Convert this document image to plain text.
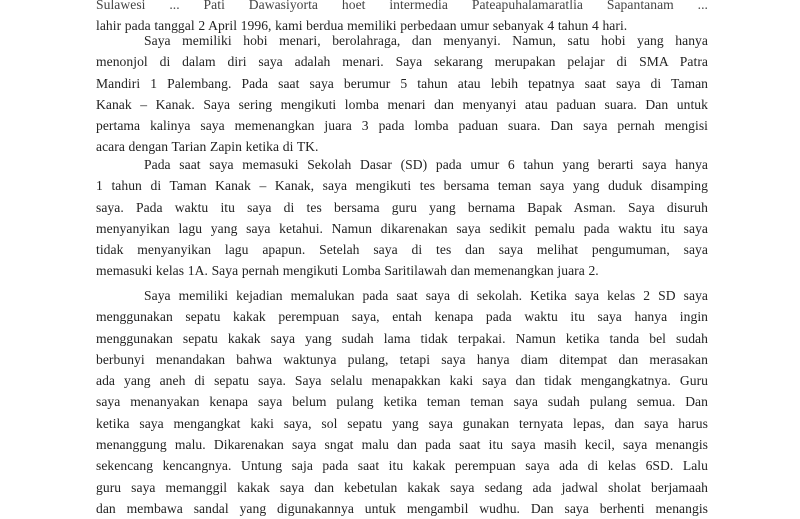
Sulawesi ... Pati Dawasiyorta hoet intermedia Pateapuhalamaratlia Sapantanam ...
lahir pada tanggal 2 April 1996, kami berdua memiliki perbedaan umur sebanyak 4 tahun 4 hari.

Saya memiliki hobi menari, berolahraga, dan menyanyi. Namun, satu hobi yang hanya
menonjol di dalam diri saya adalah menari. Saya sekarang merupakan pelajar di SMA Patra
Mandiri 1 Palembang. Pada saat saya berumur 5 tahun atau lebih tepatnya saat saya di Taman
Kanak – Kanak. Saya sering mengikuti lomba menari dan menyanyi atau paduan suara. Dan untuk
pertama kalinya saya memenangkan juara 3 pada lomba paduan suara. Dan saya pernah mengisi
acara dengan Tarian Zapin ketika di TK.

Pada saat saya memasuki Sekolah Dasar (SD) pada umur 6 tahun yang berarti saya hanya
1 tahun di Taman Kanak – Kanak, saya mengikuti tes bersama teman saya yang duduk disamping
saya. Pada waktu itu saya di tes bersama guru yang bernama Bapak Asman. Saya disuruh
menyanyikan lagu yang saya ketahui. Namun dikarenakan saya sedikit pemalu pada waktu itu saya
tidak menyanyikan lagu apapun. Setelah saya di tes dan saya melihat pengumuman, saya
memasuki kelas 1A. Saya pernah mengikuti Lomba Saritilawah dan memenangkan juara 2.

Saya memiliki kejadian memalukan pada saat saya di sekolah. Ketika saya kelas 2 SD saya
menggunakan sepatu kakak perempuan saya, entah kenapa pada waktu itu saya hanya ingin
menggunakan sepatu kakak saya yang sudah lama tidak terpakai. Namun ketika tanda bel sudah
berbunyi menandakan bahwa waktunya pulang, tetapi saya hanya diam ditempat dan merasakan
ada yang aneh di sepatu saya. Saya selalu menapakkan kaki saya dan tidak mengangkatnya. Guru
saya menanyakan kenapa saya belum pulang ketika teman teman saya sudah pulang semua. Dan
ketika saya mengangkat kaki saya, sol sepatu yang saya gunakan ternyata lepas, dan saya harus
menanggung malu. Dikarenakan saya sngat malu dan pada saat itu saya masih kecil, saya menangis
sekencang kencangnya. Untung saja pada saat itu kakak perempuan saya ada di kelas 6SD. Lalu
guru saya memanggil kakak saya dan kebetulan kakak saya sedang ada jadwal sholat berjamaah
dan membawa sandal yang digunakannya untuk mengambil wudhu. Dan saya berhenti menangis
